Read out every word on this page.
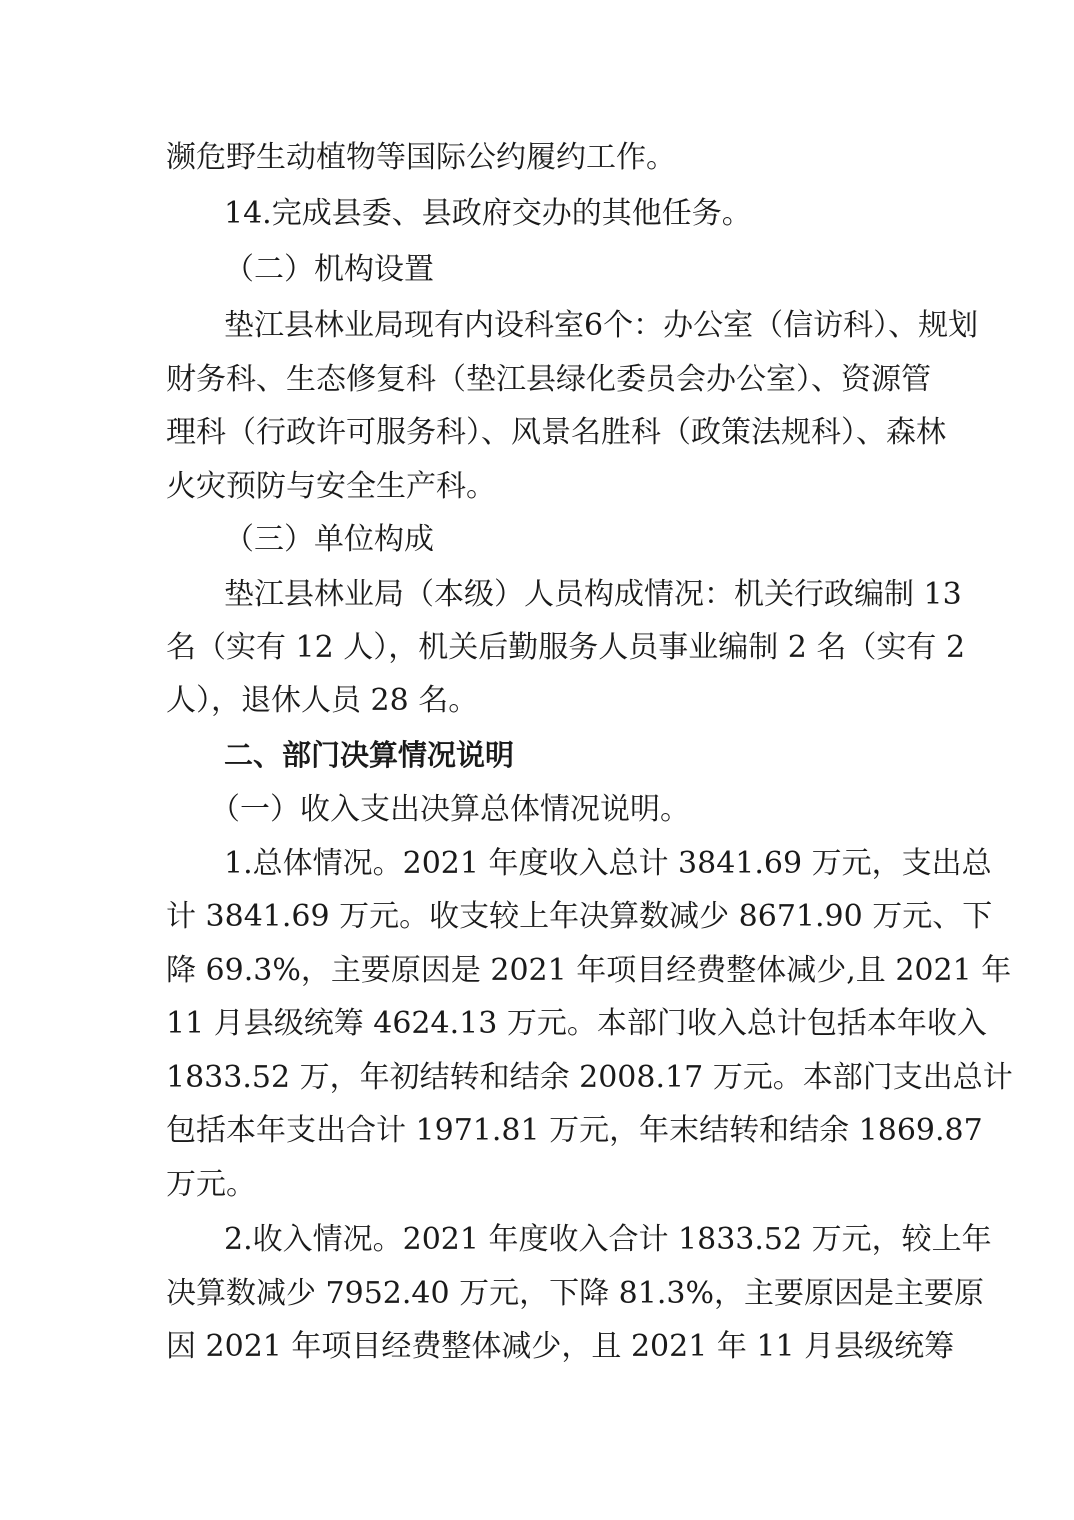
濒危野生动植物等国际公约履约工作。
14.完成县委、县政府交办的其他任务。
（二）机构设置
垫江县林业局现有内设科室6个：办公室（信访科）、规划
财务科、生态修复科（垫江县绿化委员会办公室）、资源管
理科（行政许可服务科）、风景名胜科（政策法规科）、森林
火灾预防与安全生产科。
（三）单位构成
垫江县林业局（本级）人员构成情况：机关行政编制 13
名（实有 12 人），机关后勤服务人员事业编制 2 名（实有 2
人），退休人员 28 名。
二、部门决算情况说明
（一）收入支出决算总体情况说明。
1.总体情况。2021 年度收入总计 3841.69 万元，支出总
计 3841.69 万元。收支较上年决算数减少 8671.90 万元、下
降 69.3%，主要原因是 2021 年项目经费整体减少,且 2021 年
11 月县级统筹 4624.13 万元。本部门收入总计包括本年收入
1833.52 万，年初结转和结余 2008.17 万元。本部门支出总计
包括本年支出合计 1971.81 万元，年末结转和结余 1869.87
万元。
2.收入情况。2021 年度收入合计 1833.52 万元，较上年
决算数减少 7952.40 万元，下降 81.3%，主要原因是主要原
因 2021 年项目经费整体减少，且 2021 年 11 月县级统筹
